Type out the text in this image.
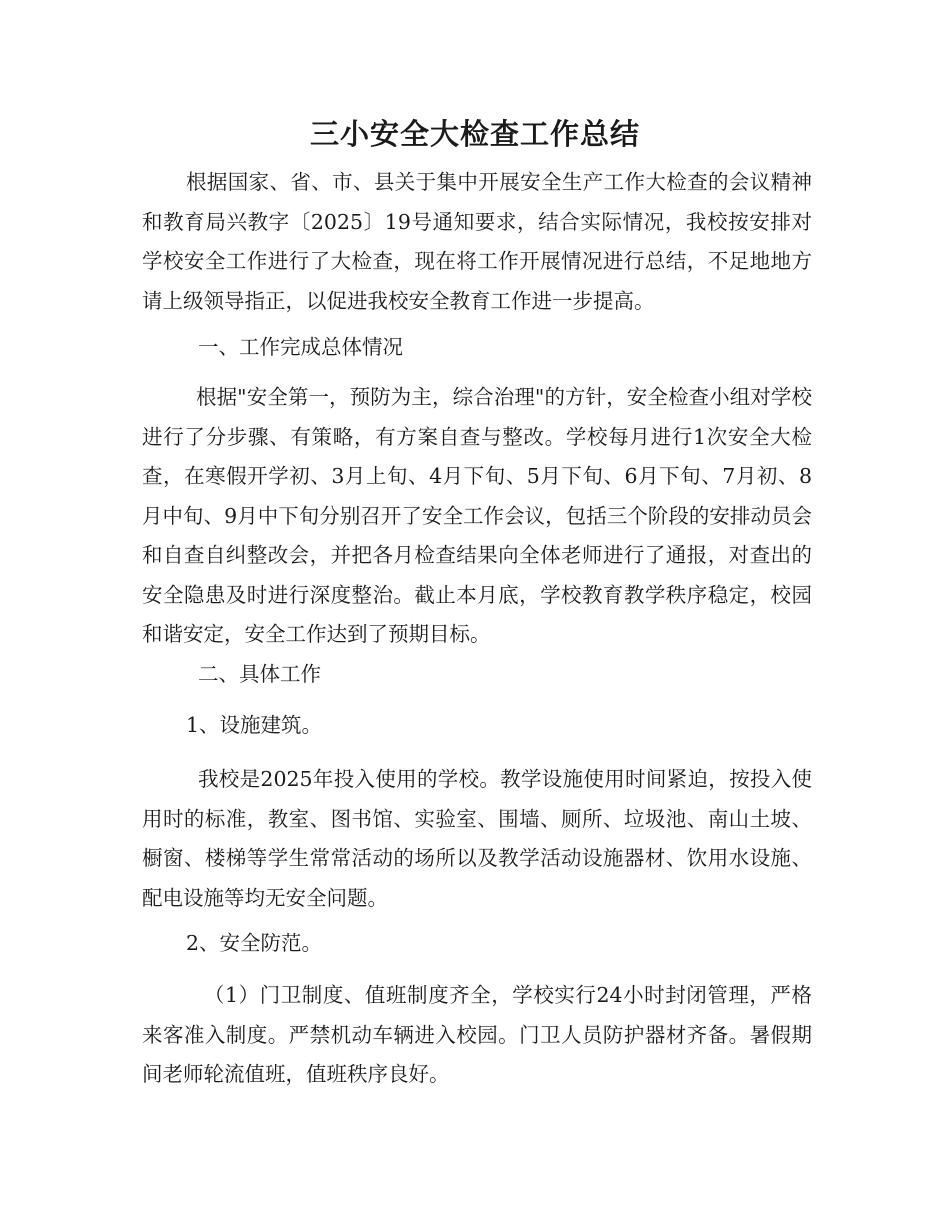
三小安全大检查工作总结

根据国家、省、市、县关于集中开展安全生产工作大检查的会议精神和教育局兴教字〔2025〕19号通知要求，结合实际情况，我校按安排对学校安全工作进行了大检查，现在将工作开展情况进行总结，不足地地方请上级领导指正，以促进我校安全教育工作进一步提高。

一、工作完成总体情况

根据"安全第一，预防为主，综合治理"的方针，安全检查小组对学校进行了分步骤、有策略，有方案自查与整改。学校每月进行1次安全大检查，在寒假开学初、3月上旬、4月下旬、5月下旬、6月下旬、7月初、8月中旬、9月中下旬分别召开了安全工作会议，包括三个阶段的安排动员会和自查自纠整改会，并把各月检查结果向全体老师进行了通报，对查出的安全隐患及时进行深度整治。截止本月底，学校教育教学秩序稳定，校园和谐安定，安全工作达到了预期目标。

二、具体工作

1、设施建筑。

我校是2025年投入使用的学校。教学设施使用时间紧迫，按投入使用时的标准，教室、图书馆、实验室、围墙、厕所、垃圾池、南山土坡、橱窗、楼梯等学生常常活动的场所以及教学活动设施器材、饮用水设施、配电设施等均无安全问题。

2、安全防范。

（1）门卫制度、值班制度齐全，学校实行24小时封闭管理，严格来客准入制度。严禁机动车辆进入校园。门卫人员防护器材齐备。暑假期间老师轮流值班，值班秩序良好。
